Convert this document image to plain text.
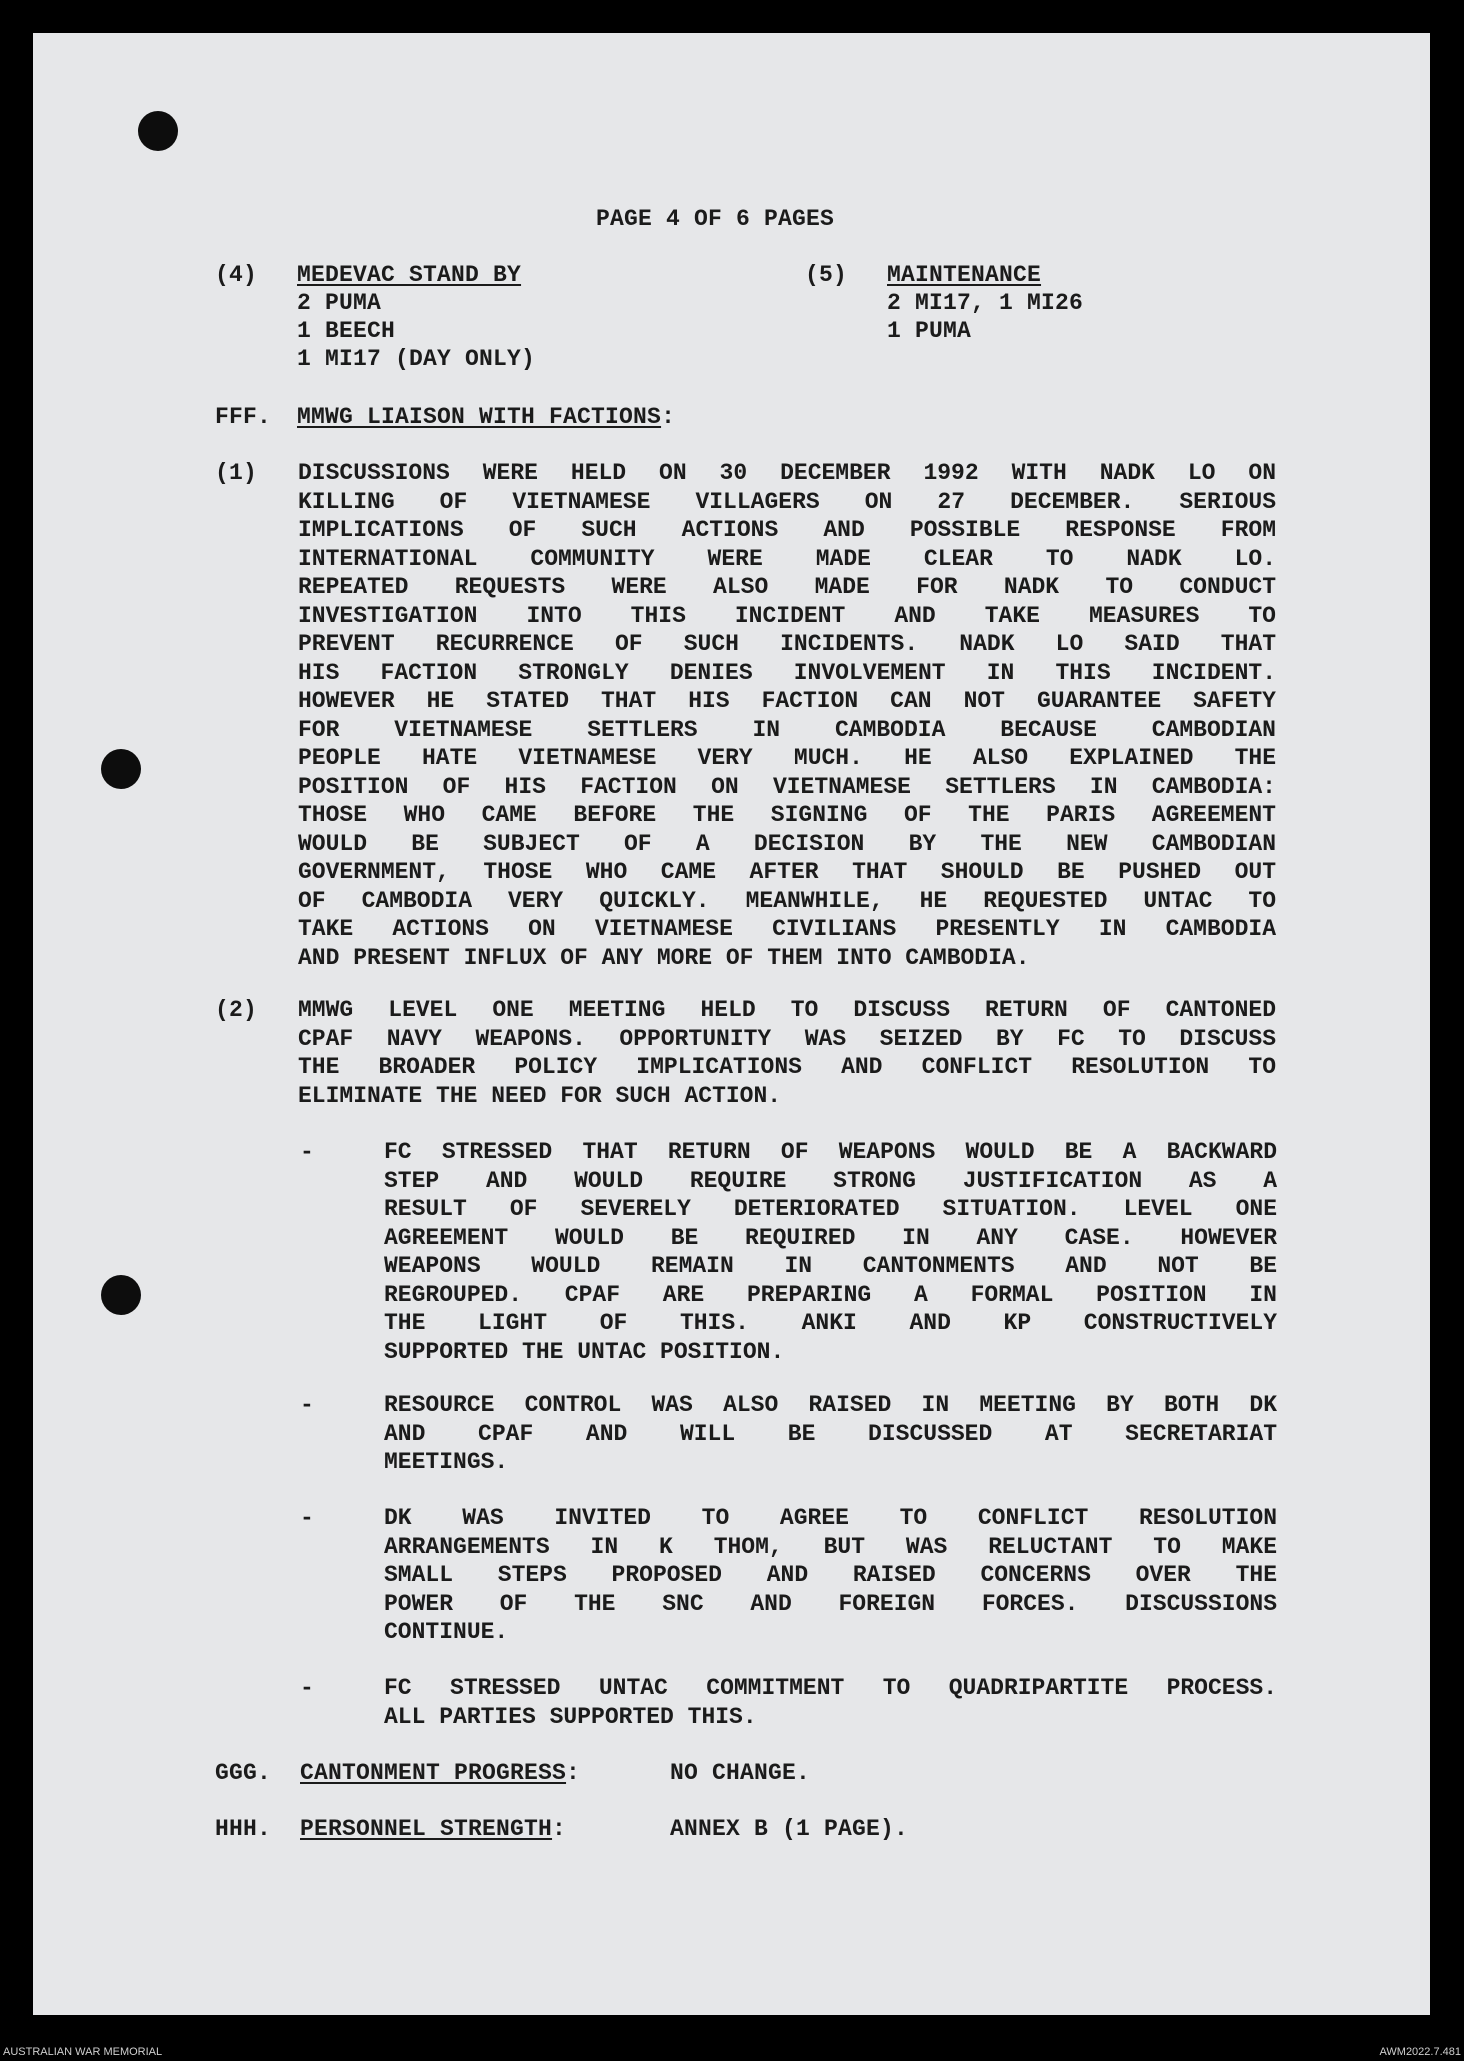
PAGE 4 OF 6 PAGES
(4) MEDEVAC STAND BY
2 PUMA
1 BEECH
1 MI17 (DAY ONLY)
(5) MAINTENANCE
2 MI17, 1 MI26
1 PUMA
FFF. MMWG LIAISON WITH FACTIONS:
(1) DISCUSSIONS WERE HELD ON 30 DECEMBER 1992 WITH NADK LO ON
KILLING OF VIETNAMESE VILLAGERS ON 27 DECEMBER. SERIOUS
IMPLICATIONS OF SUCH ACTIONS AND POSSIBLE RESPONSE FROM
INTERNATIONAL COMMUNITY WERE MADE CLEAR TO NADK LO.
REPEATED REQUESTS WERE ALSO MADE FOR NADK TO CONDUCT
INVESTIGATION INTO THIS INCIDENT AND TAKE MEASURES TO
PREVENT RECURRENCE OF SUCH INCIDENTS. NADK LO SAID THAT
HIS FACTION STRONGLY DENIES INVOLVEMENT IN THIS INCIDENT.
HOWEVER HE STATED THAT HIS FACTION CAN NOT GUARANTEE SAFETY
FOR VIETNAMESE SETTLERS IN CAMBODIA BECAUSE CAMBODIAN
PEOPLE HATE VIETNAMESE VERY MUCH. HE ALSO EXPLAINED THE
POSITION OF HIS FACTION ON VIETNAMESE SETTLERS IN CAMBODIA:
THOSE WHO CAME BEFORE THE SIGNING OF THE PARIS AGREEMENT
WOULD BE SUBJECT OF A DECISION BY THE NEW CAMBODIAN
GOVERNMENT, THOSE WHO CAME AFTER THAT SHOULD BE PUSHED OUT
OF CAMBODIA VERY QUICKLY. MEANWHILE, HE REQUESTED UNTAC TO
TAKE ACTIONS ON VIETNAMESE CIVILIANS PRESENTLY IN CAMBODIA
AND PRESENT INFLUX OF ANY MORE OF THEM INTO CAMBODIA.
(2) MMWG LEVEL ONE MEETING HELD TO DISCUSS RETURN OF CANTONED
CPAF NAVY WEAPONS. OPPORTUNITY WAS SEIZED BY FC TO DISCUSS
THE BROADER POLICY IMPLICATIONS AND CONFLICT RESOLUTION TO
ELIMINATE THE NEED FOR SUCH ACTION.
-	FC STRESSED THAT RETURN OF WEAPONS WOULD BE A BACKWARD
STEP AND WOULD REQUIRE STRONG JUSTIFICATION AS A
RESULT OF SEVERELY DETERIORATED SITUATION. LEVEL ONE
AGREEMENT WOULD BE REQUIRED IN ANY CASE. HOWEVER
WEAPONS WOULD REMAIN IN CANTONMENTS AND NOT BE
REGROUPED. CPAF ARE PREPARING A FORMAL POSITION IN
THE LIGHT OF THIS. ANKI AND KP CONSTRUCTIVELY
SUPPORTED THE UNTAC POSITION.
-	RESOURCE CONTROL WAS ALSO RAISED IN MEETING BY BOTH DK
AND CPAF AND WILL BE DISCUSSED AT SECRETARIAT
MEETINGS.
-	DK WAS INVITED TO AGREE TO CONFLICT RESOLUTION
ARRANGEMENTS IN K THOM, BUT WAS RELUCTANT TO MAKE
SMALL STEPS PROPOSED AND RAISED CONCERNS OVER THE
POWER OF THE SNC AND FOREIGN FORCES. DISCUSSIONS
CONTINUE.
-	FC STRESSED UNTAC COMMITMENT TO QUADRIPARTITE PROCESS.
ALL PARTIES SUPPORTED THIS.
GGG. CANTONMENT PROGRESS:	NO CHANGE.
HHH. PERSONNEL STRENGTH:	ANNEX B (1 PAGE).
AUSTRALIAN WAR MEMORIAL	AWM2022.7.481
